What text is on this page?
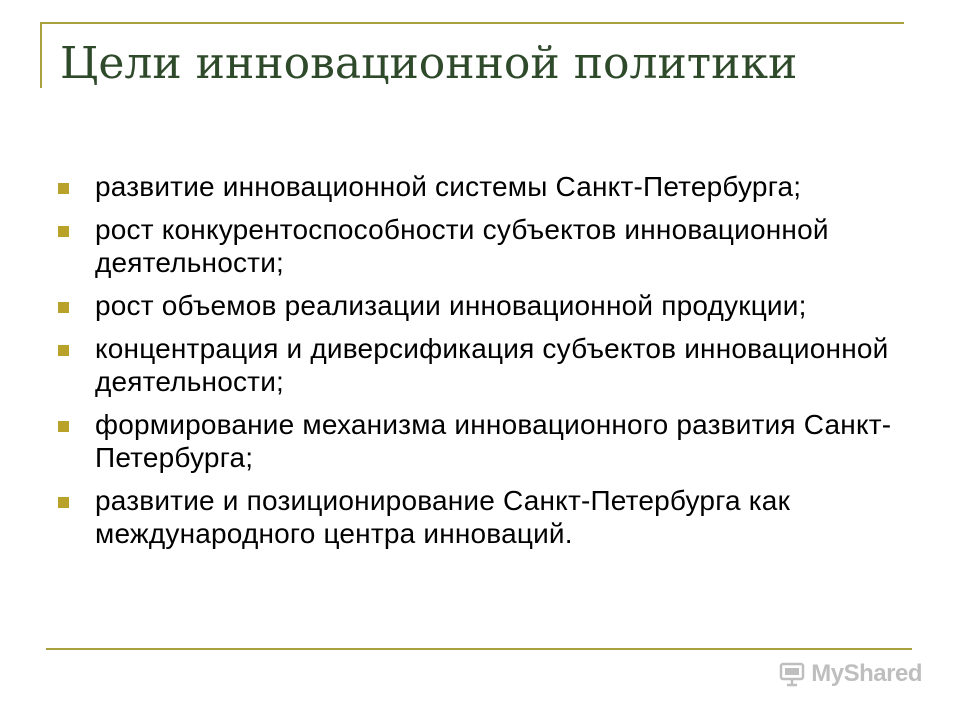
Цели инновационной политики
развитие инновационной системы Санкт-Петербурга;
рост конкурентоспособности субъектов инновационной деятельности;
рост объемов реализации инновационной продукции;
концентрация и диверсификация субъектов инновационной деятельности;
формирование механизма инновационного развития Санкт-Петербурга;
развитие и позиционирование Санкт-Петербурга как международного центра инноваций.
MyShared
